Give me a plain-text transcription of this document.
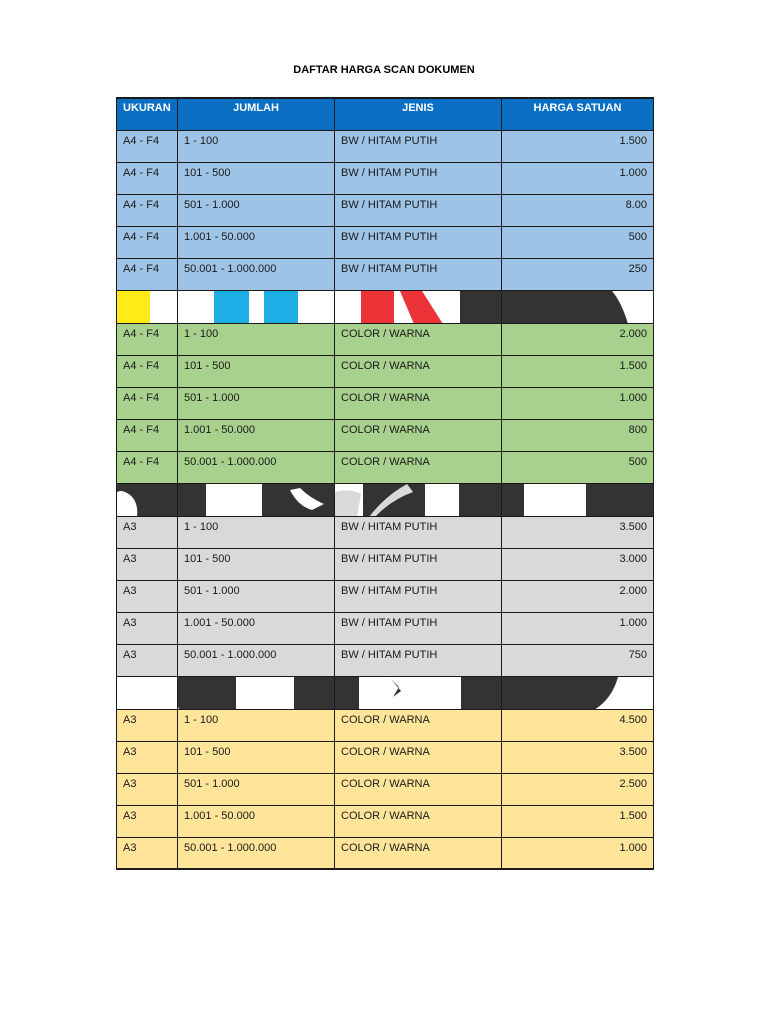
DAFTAR HARGA SCAN DOKUMEN
UKURAN	JUMLAH	JENIS	HARGA SATUAN
A4 - F4	1 - 100	BW / HITAM PUTIH	1.500
A4 - F4	101 - 500	BW / HITAM PUTIH	1.000
A4 - F4	501 - 1.000	BW / HITAM PUTIH	8.00
A4 - F4	1.001 - 50.000	BW / HITAM PUTIH	500
A4 - F4	50.001 - 1.000.000	BW / HITAM PUTIH	250

A4 - F4	1 - 100	COLOR / WARNA	2.000
A4 - F4	101 - 500	COLOR / WARNA	1.500
A4 - F4	501 - 1.000	COLOR / WARNA	1.000
A4 - F4	1.001 - 50.000	COLOR / WARNA	800
A4 - F4	50.001 - 1.000.000	COLOR / WARNA	500

A3	1 - 100	BW / HITAM PUTIH	3.500
A3	101 - 500	BW / HITAM PUTIH	3.000
A3	501 - 1.000	BW / HITAM PUTIH	2.000
A3	1.001 - 50.000	BW / HITAM PUTIH	1.000
A3	50.001 - 1.000.000	BW / HITAM PUTIH	750

A3	1 - 100	COLOR / WARNA	4.500
A3	101 - 500	COLOR / WARNA	3.500
A3	501 - 1.000	COLOR / WARNA	2.500
A3	1.001 - 50.000	COLOR / WARNA	1.500
A3	50.001 - 1.000.000	COLOR / WARNA	1.000
